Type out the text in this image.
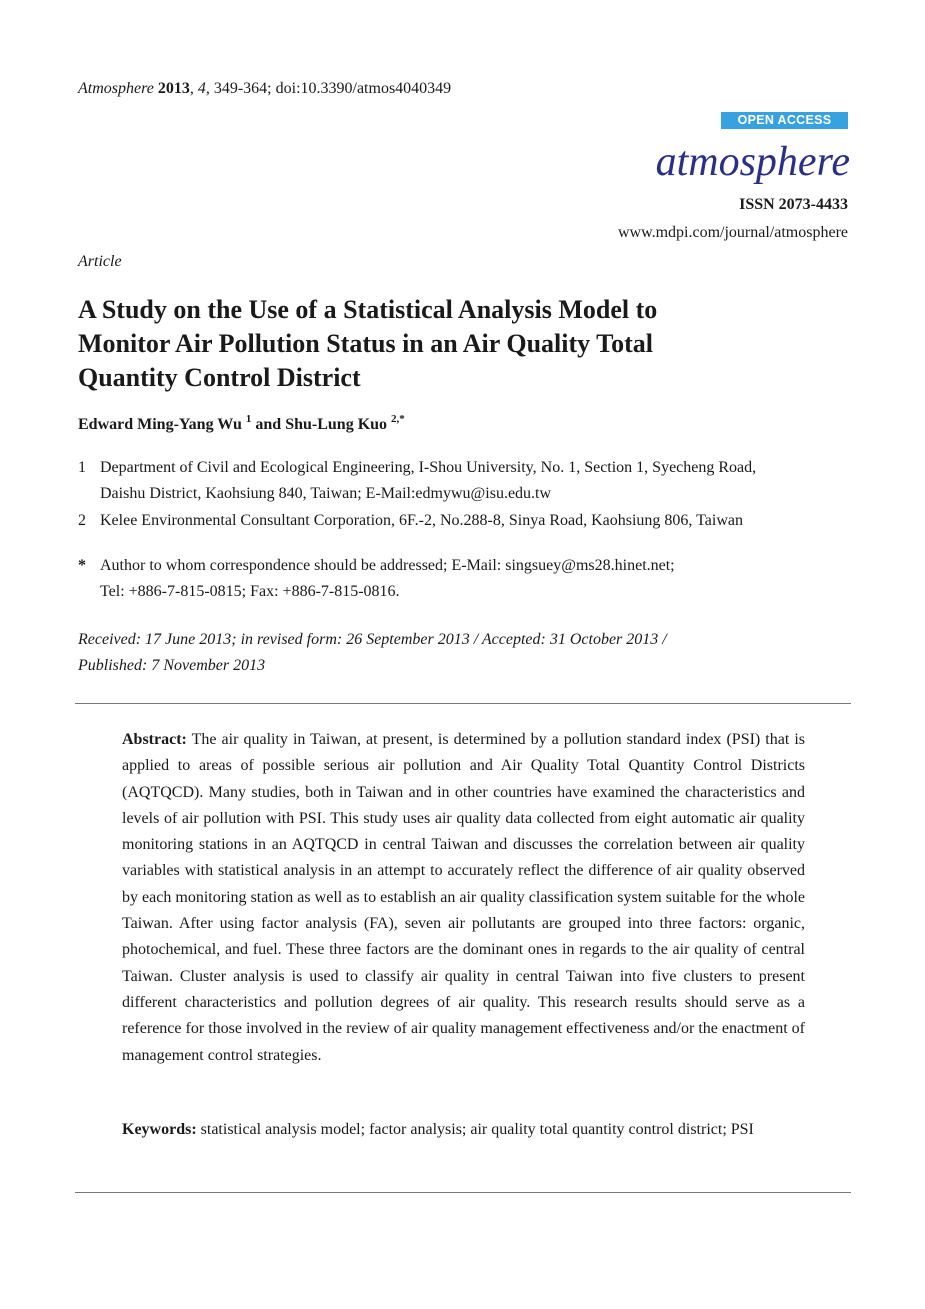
Atmosphere 2013, 4, 349-364; doi:10.3390/atmos4040349
OPEN ACCESS
atmosphere
ISSN 2073-4433
www.mdpi.com/journal/atmosphere
Article
A Study on the Use of a Statistical Analysis Model to
Monitor Air Pollution Status in an Air Quality Total
Quantity Control District
Edward Ming-Yang Wu $^1$ and Shu-Lung Kuo $^{2,*}$
1 Department of Civil and Ecological Engineering, I-Shou University, No. 1, Section 1, Syecheng Road,
Daishu District, Kaohsiung 840, Taiwan; E-Mail:edmywu@isu.edu.tw
2 Kelee Environmental Consultant Corporation, 6F.-2, No.288-8, Sinya Road, Kaohsiung 806, Taiwan
* Author to whom correspondence should be addressed; E-Mail: singsuey@ms28.hinet.net;
Tel: +886-7-815-0815; Fax: +886-7-815-0816.
Received: 17 June 2013; in revised form: 26 September 2013 / Accepted: 31 October 2013 /
Published: 7 November 2013
Abstract: The air quality in Taiwan, at present, is determined by a pollution standard index (PSI) that is applied to areas of possible serious air pollution and Air Quality Total Quantity Control Districts (AQTQCD). Many studies, both in Taiwan and in other countries have examined the characteristics and levels of air pollution with PSI. This study uses air quality data collected from eight automatic air quality monitoring stations in an AQTQCD in central Taiwan and discusses the correlation between air quality variables with statistical analysis in an attempt to accurately reflect the difference of air quality observed by each monitoring station as well as to establish an air quality classification system suitable for the whole Taiwan. After using factor analysis (FA), seven air pollutants are grouped into three factors: organic, photochemical, and fuel. These three factors are the dominant ones in regards to the air quality of central Taiwan. Cluster analysis is used to classify air quality in central Taiwan into five clusters to present different characteristics and pollution degrees of air quality. This research results should serve as a reference for those involved in the review of air quality management effectiveness and/or the enactment of management control strategies.
Keywords: statistical analysis model; factor analysis; air quality total quantity control district; PSI
